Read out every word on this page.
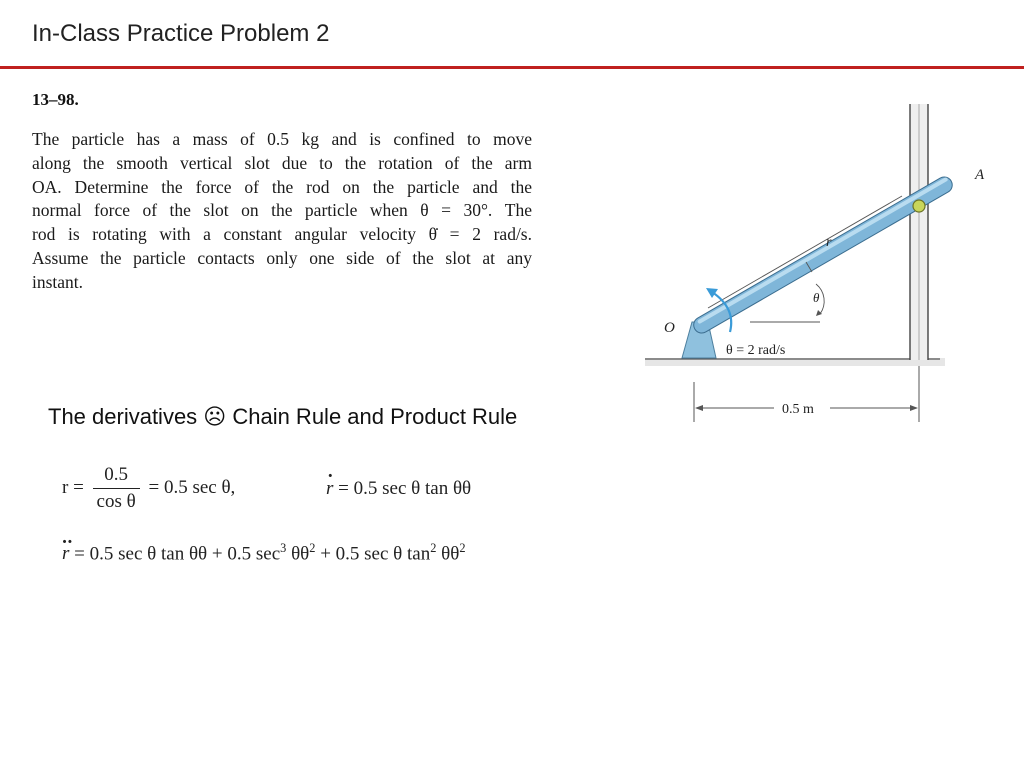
In-Class Practice Problem 2
13–98.
The particle has a mass of 0.5 kg and is confined to move
along the smooth vertical slot due to the rotation of the arm
OA. Determine the force of the rod on the particle and the
normal force of the slot on the particle when θ = 30°. The
rod is rotating with a constant angular velocity θ̇ = 2 rad/s.
Assume the particle contacts only one side of the slot at any
instant.
The derivatives ☹ Chain Rule and Product Rule
$r = \frac{0.5}{\text{cos θ}} = 0.5$ sec θ,	r · = 0.5 sec θ tan θθ
r ·· = 0.5 sec θ tan θθ + 0.5 $\sec^3 \theta\theta^2 + 0.5$ sec θ $\tan^2 \theta\theta^2$
A
O
r
θ
θ = 2 rad/s
0.5 m
